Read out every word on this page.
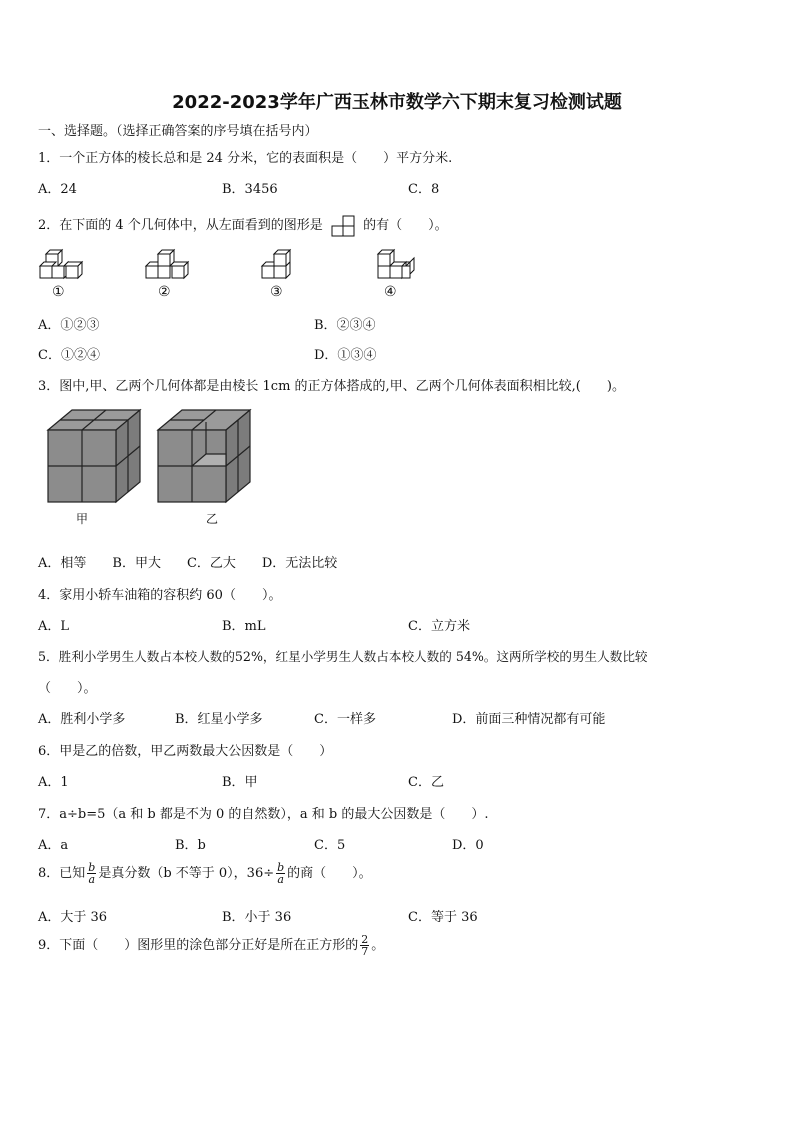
2022-2023学年广西玉林市数学六下期末复习检测试题
一、选择题。（选择正确答案的序号填在括号内）
1．一个正方体的棱长总和是 24 分米，它的表面积是（　　）平方分米.
A．24	B．3456	C．8
2．在下面的 4 个几何体中，从左面看到的图形是	的有（　　）。
①	②	③	④
A．①②③	B．②③④
C．①②④	D．①③④
3．图中,甲、乙两个几何体都是由棱长 1cm 的正方体搭成的,甲、乙两个几何体表面积相比较,(　　)。
甲	乙
A．相等　　B．甲大　　C．乙大　　D．无法比较
4．家用小轿车油箱的容积约 60（　　）。
A．L	B．mL	C．立方米
5．胜利小学男生人数占本校人数的52%，红星小学男生人数占本校人数的 54%。这两所学校的男生人数比较
（　　）。
A．胜利小学多	B．红星小学多	C．一样多	D．前面三种情况都有可能
6．甲是乙的倍数，甲乙两数最大公因数是（　　）
A．1	B．甲	C．乙
7．a÷b=5（a 和 b 都是不为 0 的自然数），a 和 b 的最大公因数是（　　）.
A．a	B．b	C．5	D．0
8．已知 $\frac{b}{a}$ 是真分数（b 不等于 0），$36\div \frac{b}{a}$ 的商（　　）。
A．大于 36	B．小于 36	C．等于 36
9．下面（　　）图形里的涂色部分正好是所在正方形的 $\frac{2}{7}$ 。
